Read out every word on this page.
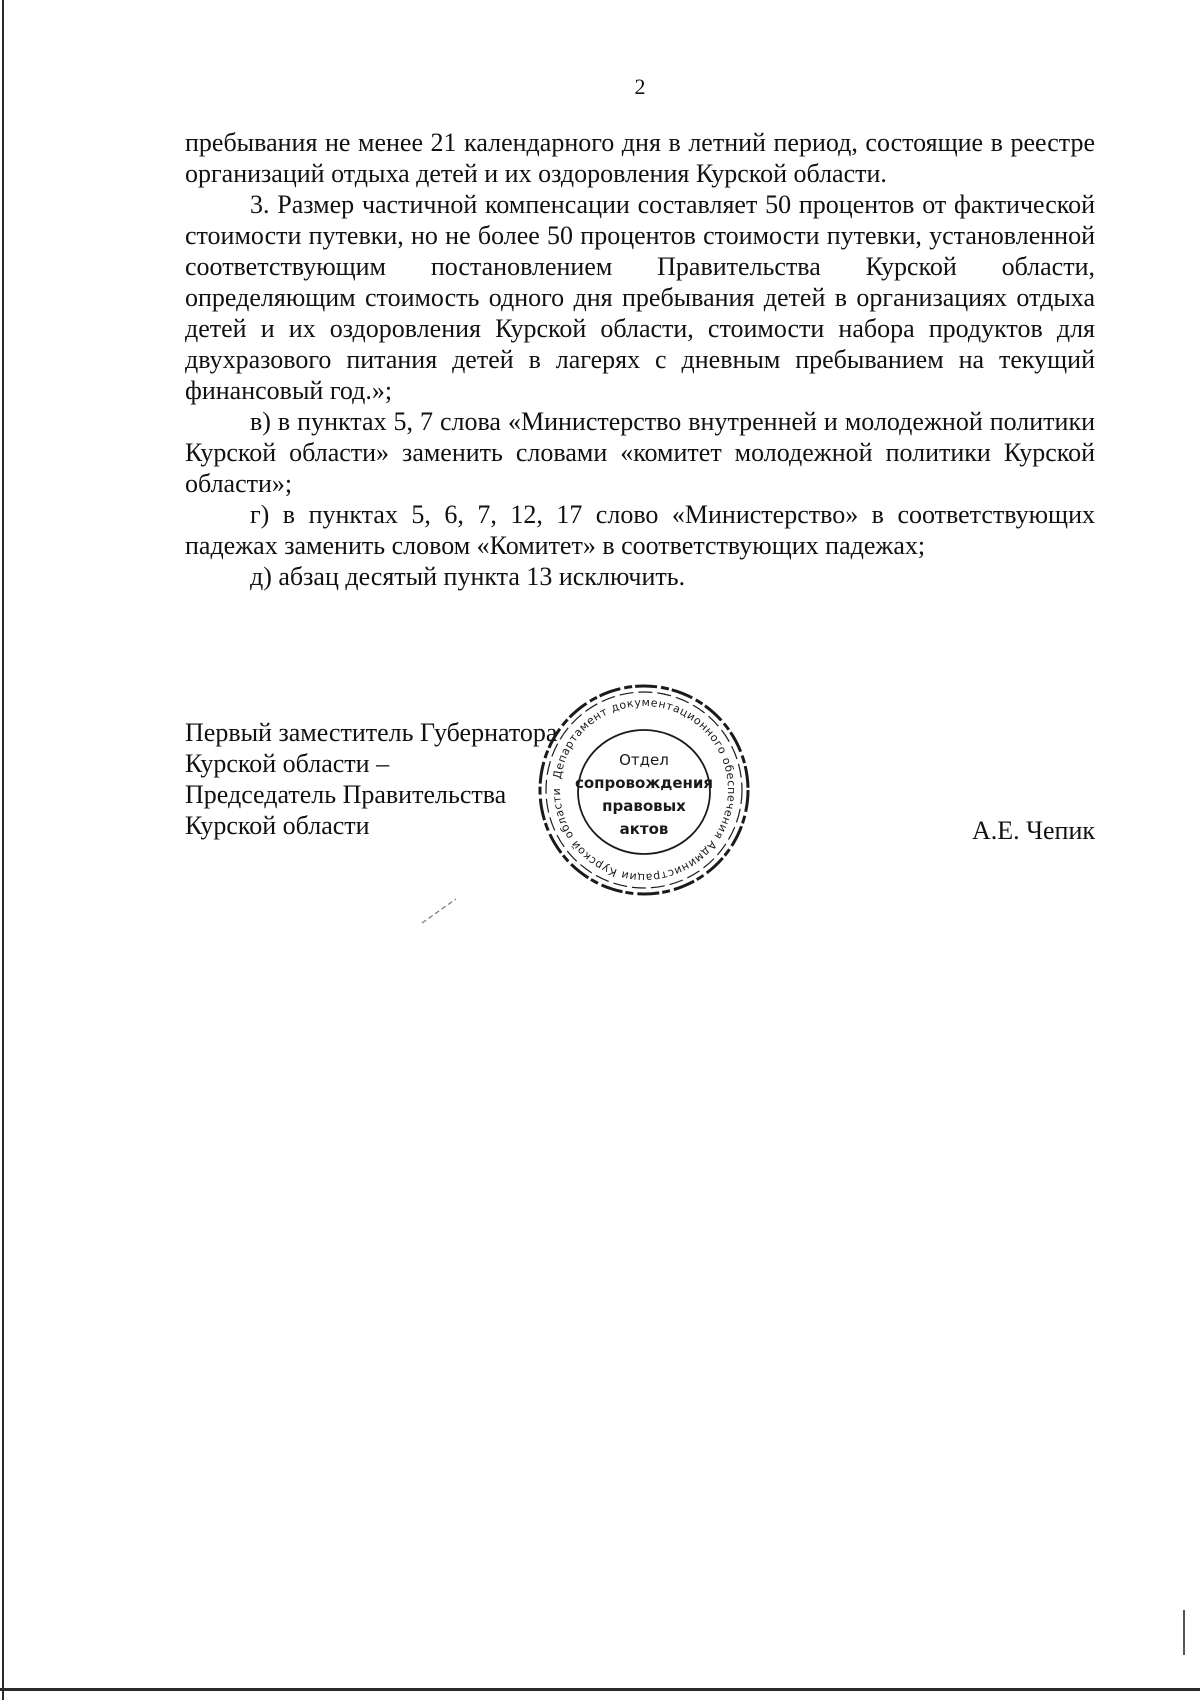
2

пребывания не менее 21 календарного дня в летний период, состоящие в реестре организаций отдыха детей и их оздоровления Курской области.

3. Размер частичной компенсации составляет 50 процентов от фактической стоимости путевки, но не более 50 процентов стоимости путевки, установленной соответствующим постановлением Правительства Курской области, определяющим стоимость одного дня пребывания детей в организациях отдыха детей и их оздоровления Курской области, стоимости набора продуктов для двухразового питания детей в лагерях с дневным пребыванием на текущий финансовый год.»;

в) в пунктах 5, 7 слова «Министерство внутренней и молодежной политики Курской области» заменить словами «комитет молодежной политики Курской области»;

г) в пунктах 5, 6, 7, 12, 17 слово «Министерство» в соответствующих падежах заменить словом «Комитет» в соответствующих падежах;

д) абзац десятый пункта 13 исключить.

Первый заместитель Губернатора
Курской области –
Председатель Правительства
Курской области	А.Е. Чепик
Департамент документационного обеспечения Администрации Курской области
Отдел
сопровождения
правовых
актов
